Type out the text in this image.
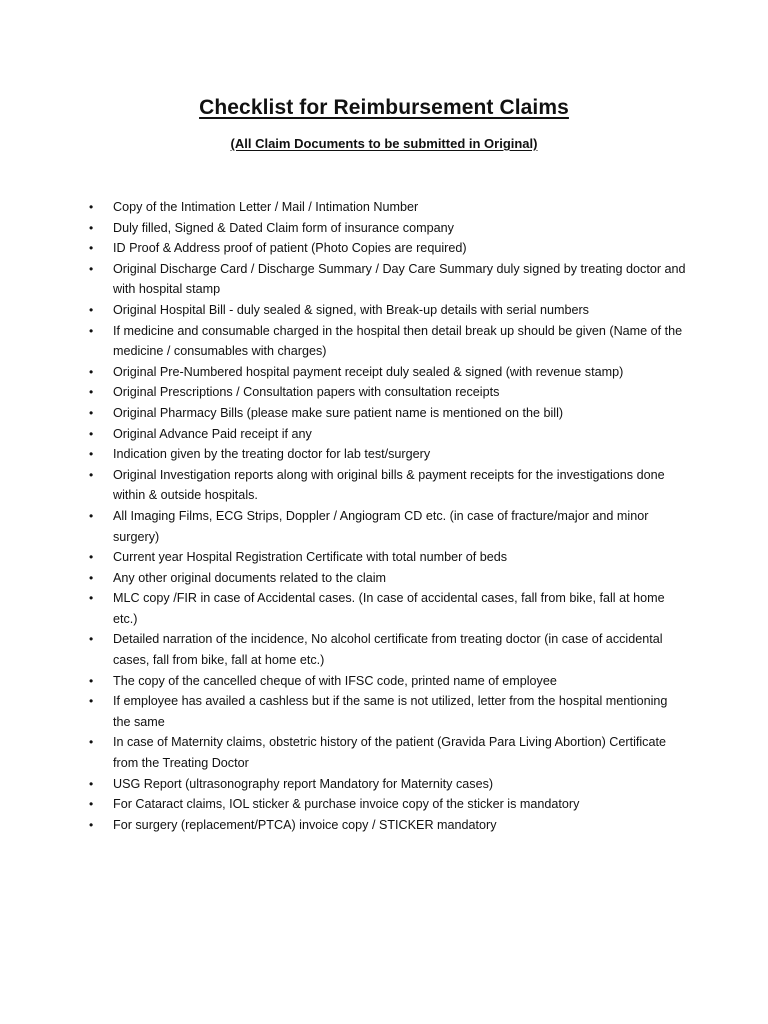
Checklist for Reimbursement Claims
(All Claim Documents to be submitted in Original)
• Copy of the Intimation Letter / Mail / Intimation Number
• Duly filled, Signed & Dated Claim form of insurance company
• ID Proof & Address proof of patient (Photo Copies are required)
• Original Discharge Card / Discharge Summary / Day Care Summary duly signed by treating doctor and with hospital stamp
• Original Hospital Bill - duly sealed & signed, with Break-up details with serial numbers
• If medicine and consumable charged in the hospital then detail break up should be given (Name of the medicine / consumables with charges)
• Original Pre-Numbered hospital payment receipt duly sealed & signed (with revenue stamp)
• Original Prescriptions / Consultation papers with consultation receipts
• Original Pharmacy Bills (please make sure patient name is mentioned on the bill)
• Original Advance Paid receipt if any
• Indication given by the treating doctor for lab test/surgery
• Original Investigation reports along with original bills & payment receipts for the investigations done within & outside hospitals.
• All Imaging Films, ECG Strips, Doppler / Angiogram CD etc. (in case of fracture/major and minor surgery)
• Current year Hospital Registration Certificate with total number of beds
• Any other original documents related to the claim
• MLC copy /FIR in case of Accidental cases. (In case of accidental cases, fall from bike, fall at home etc.)
• Detailed narration of the incidence, No alcohol certificate from treating doctor (in case of accidental cases, fall from bike, fall at home etc.)
• The copy of the cancelled cheque of with IFSC code, printed name of employee
• If employee has availed a cashless but if the same is not utilized, letter from the hospital mentioning the same
• In case of Maternity claims, obstetric history of the patient (Gravida Para Living Abortion) Certificate from the Treating Doctor
• USG Report (ultrasonography report Mandatory for Maternity cases)
• For Cataract claims, IOL sticker & purchase invoice copy of the sticker is mandatory
• For surgery (replacement/PTCA) invoice copy / STICKER mandatory
